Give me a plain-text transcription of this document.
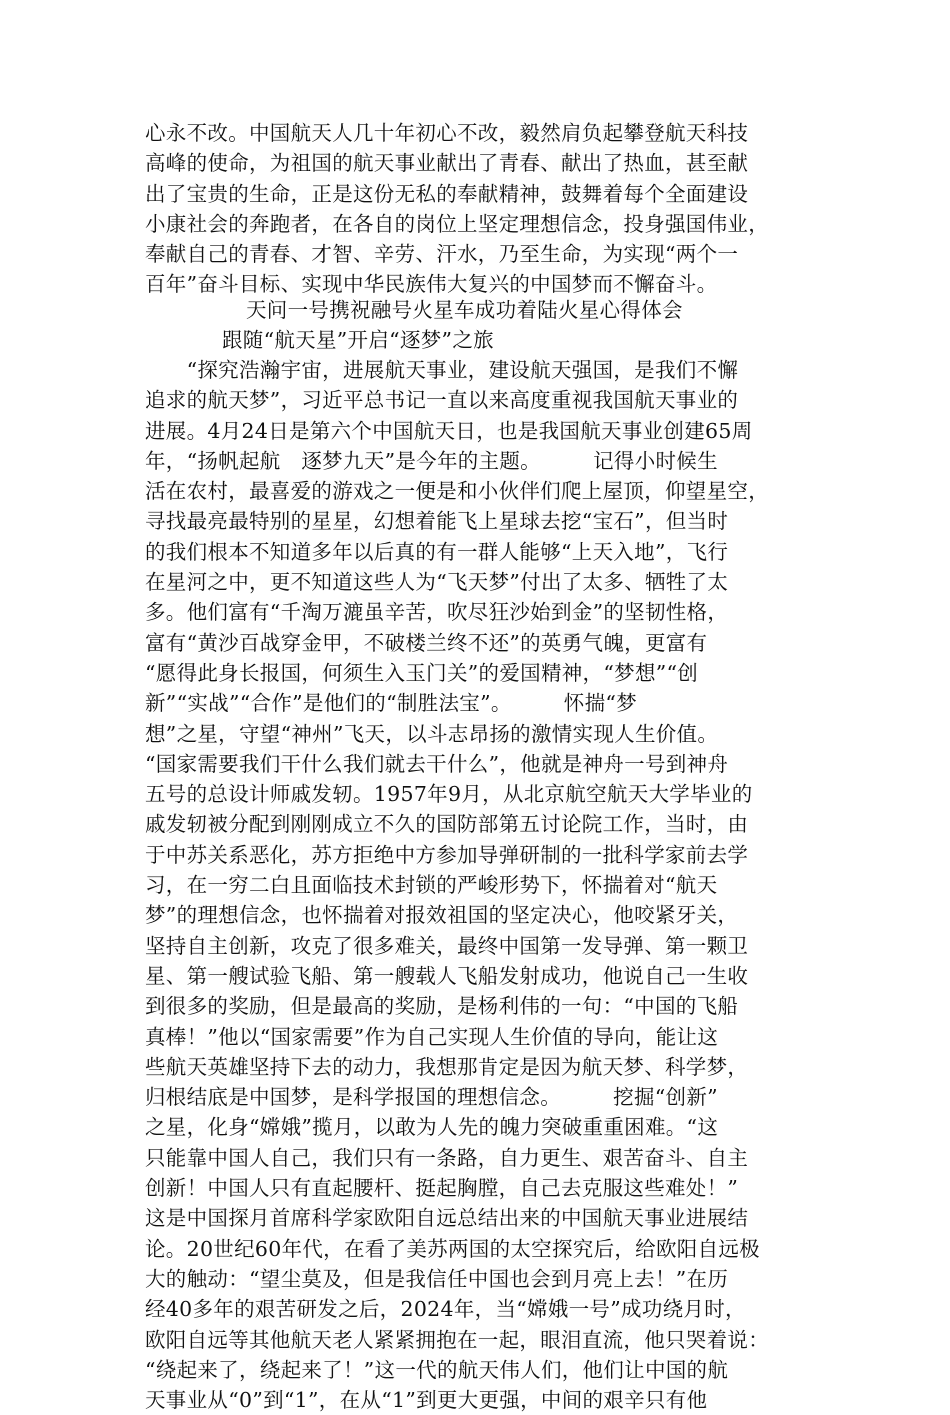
心永不改。中国航天人几十年初心不改，毅然肩负起攀登航天科技
高峰的使命，为祖国的航天事业献出了青春、献出了热血，甚至献
出了宝贵的生命，正是这份无私的奉献精神，鼓舞着每个全面建设
小康社会的奔跑者，在各自的岗位上坚定理想信念，投身强国伟业，
奉献自己的青春、才智、辛劳、汗水，乃至生命，为实现“两个一
百年”奋斗目标、实现中华民族伟大复兴的中国梦而不懈奋斗。
天问一号携祝融号火星车成功着陆火星心得体会
跟随“航天星”开启“逐梦”之旅
　　“探究浩瀚宇宙，进展航天事业，建设航天强国，是我们不懈
追求的航天梦”，习近平总书记一直以来高度重视我国航天事业的
进展。4月24日是第六个中国航天日，也是我国航天事业创建65周
年，“扬帆起航　逐梦九天”是今年的主题。　　　记得小时候生
活在农村，最喜爱的游戏之一便是和小伙伴们爬上屋顶，仰望星空，
寻找最亮最特别的星星，幻想着能飞上星球去挖“宝石”，但当时
的我们根本不知道多年以后真的有一群人能够“上天入地”，飞行
在星河之中，更不知道这些人为“飞天梦”付出了太多、牺牲了太
多。他们富有“千淘万漉虽辛苦，吹尽狂沙始到金”的坚韧性格，
富有“黄沙百战穿金甲，不破楼兰终不还”的英勇气魄，更富有
“愿得此身长报国，何须生入玉门关”的爱国精神，“梦想”“创
新”“实战”“合作”是他们的“制胜法宝”。　　　怀揣“梦
想”之星，守望“神州”飞天，以斗志昂扬的激情实现人生价值。
“国家需要我们干什么我们就去干什么”，他就是神舟一号到神舟
五号的总设计师戚发轫。1957年9月，从北京航空航天大学毕业的
戚发轫被分配到刚刚成立不久的国防部第五讨论院工作，当时，由
于中苏关系恶化，苏方拒绝中方参加导弹研制的一批科学家前去学
习，在一穷二白且面临技术封锁的严峻形势下，怀揣着对“航天
梦”的理想信念，也怀揣着对报效祖国的坚定决心，他咬紧牙关，
坚持自主创新，攻克了很多难关，最终中国第一发导弹、第一颗卫
星、第一艘试验飞船、第一艘载人飞船发射成功，他说自己一生收
到很多的奖励，但是最高的奖励，是杨利伟的一句：“中国的飞船
真棒！”他以“国家需要”作为自己实现人生价值的导向，能让这
些航天英雄坚持下去的动力，我想那肯定是因为航天梦、科学梦，
归根结底是中国梦，是科学报国的理想信念。　　　挖掘“创新”
之星，化身“嫦娥”揽月，以敢为人先的魄力突破重重困难。“这
只能靠中国人自己，我们只有一条路，自力更生、艰苦奋斗、自主
创新！中国人只有直起腰杆、挺起胸膛，自己去克服这些难处！”
这是中国探月首席科学家欧阳自远总结出来的中国航天事业进展结
论。20世纪60年代，在看了美苏两国的太空探究后，给欧阳自远极
大的触动：“望尘莫及，但是我信任中国也会到月亮上去！”在历
经40多年的艰苦研发之后，2024年，当“嫦娥一号”成功绕月时，
欧阳自远等其他航天老人紧紧拥抱在一起，眼泪直流，他只哭着说：
“绕起来了，绕起来了！”这一代的航天伟人们，他们让中国的航
天事业从“0”到“1”，在从“1”到更大更强，中间的艰辛只有他
